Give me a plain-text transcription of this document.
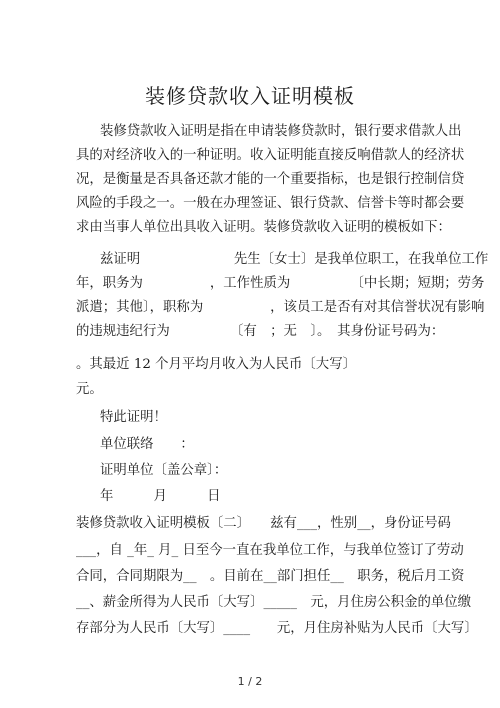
装修贷款收入证明模板
装修贷款收入证明是指在申请装修贷款时，银行要求借款人出
具的对经济收入的一种证明。收入证明能直接反响借款人的经济状
况，是衡量是否具备还款才能的一个重要指标，也是银行控制信贷
风险的手段之一。一般在办理签证、银行贷款、信誉卡等时都会要
求由当事人单位出具收入证明。装修贷款收入证明的模板如下：
兹证明　　　　　　　先生〔女士〕是我单位职工，在我单位工作
年，职务为　　　　　，工作性质为　　　　　〔中长期；短期；劳务
派遣；其他〕，职称为　　　　　，该员工是否有对其信誉状况有影响
的违规违纪行为　　　　　〔有　；无　〕。　其身份证号码为：
。其最近 12 个月平均月收入为人民币〔大写〕
元。
特此证明！
单位联络　　：
证明单位〔盖公章〕：
年　　　月　　　日
装修贷款收入证明模板〔二〕　　兹有___，性别__，身份证号码
___，自 _年_ 月_ 日至今一直在我单位工作，与我单位签订了劳动
合同，合同期限为__　。目前在__部门担任__　职务，税后月工资
__、薪金所得为人民币〔大写〕_____　元，月住房公积金的单位缴
存部分为人民币〔大写〕____　　元，月住房补贴为人民币〔大写〕
1 / 2
